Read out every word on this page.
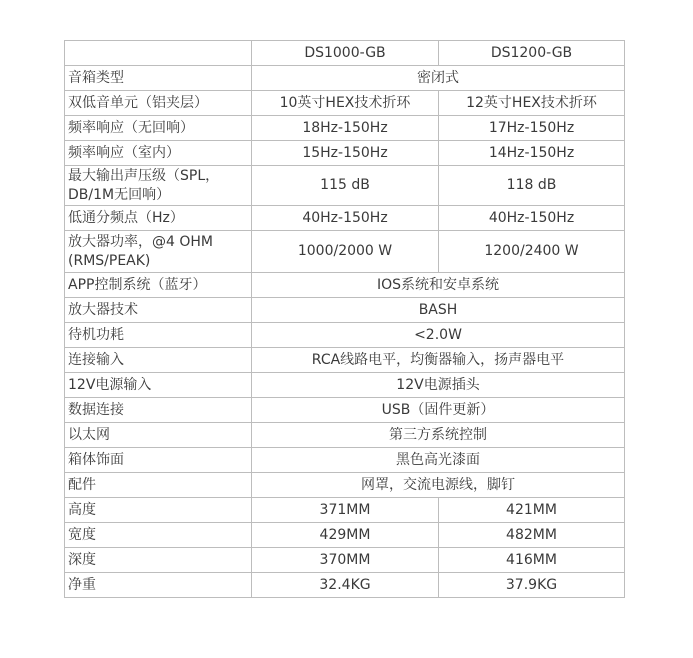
	DS1000-GB	DS1200-GB
音箱类型	密闭式	
双低音单元（铝夹层）	10英寸HEX技术折环	12英寸HEX技术折环
频率响应（无回响）	18Hz-150Hz	17Hz-150Hz
频率响应（室内）	15Hz-150Hz	14Hz-150Hz
最大输出声压级（SPL，DB/1M无回响）	115 dB	118 dB
低通分频点（Hz）	40Hz-150Hz	40Hz-150Hz
放大器功率，@4 OHM (RMS/PEAK)	1000/2000 W	1200/2400 W
APP控制系统（蓝牙）	IOS系统和安卓系统	
放大器技术	BASH	
待机功耗	<2.0W	
连接输入	RCA线路电平，均衡器输入，扬声器电平	
12V电源输入	12V电源插头	
数据连接	USB（固件更新）	
以太网	第三方系统控制	
箱体饰面	黑色高光漆面	
配件	网罩，交流电源线，脚钉	
高度	371MM	421MM
宽度	429MM	482MM
深度	370MM	416MM
净重	32.4KG	37.9KG
